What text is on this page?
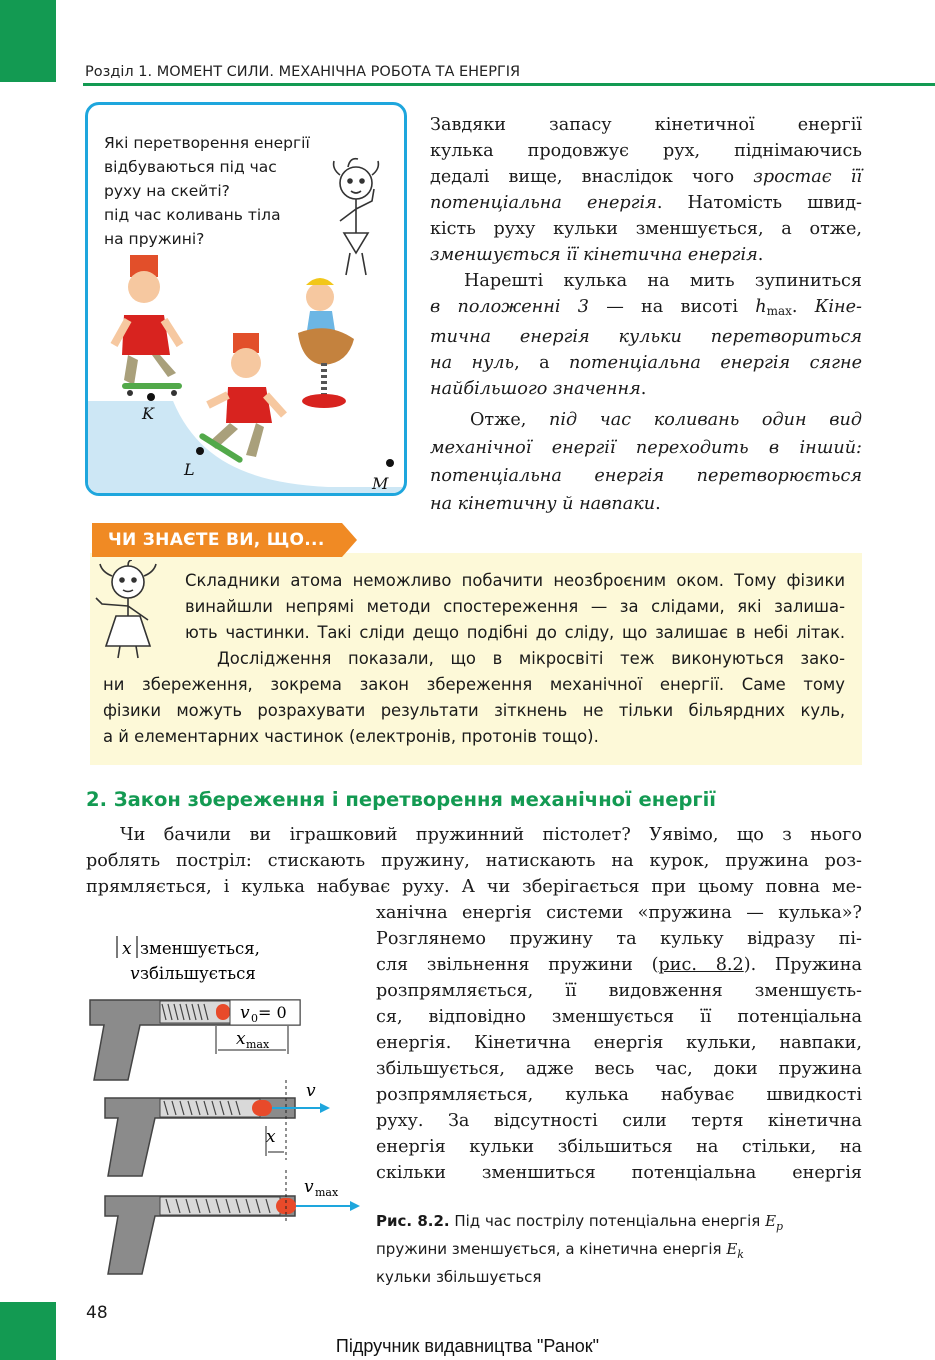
Розділ 1. МОМЕНТ СИЛИ. МЕХАНІЧНА РОБОТА ТА ЕНЕРГІЯ
K
L
M
Які перетворення енергії
відбуваються під час
руху на скейті?
під час коливань тіла
на пружині?

Завдяки запасу кінетичної енергії
кулька продовжує рух, піднімаючись
дедалі вище, внаслідок чого зростає її
потенціальна енергія. Натомість швид-
кість руху кульки зменшується, а отже,
зменшується її кінетична енергія.

Нарешті кулька на мить зупиниться
в положенні 3 — на висоті $h_{max}$. Кіне-
тична енергія кульки перетвориться
на нуль, а потенціальна енергія сягне
найбільшого значення.

Отже, під час коливань один вид
механічної енергії переходить в інший:
потенціальна енергія перетворюється
на кінетичну й навпаки.

ЧИ ЗНАЄТЕ ВИ, ЩО...
Складники атома неможливо побачити неозброєним оком. Тому фізики
винайшли непрямі методи спостереження — за слідами, які залиша-
ють частинки. Такі сліди дещо подібні до сліду, що залишає в небі літак.
Дослідження показали, що в мікросвіті теж виконуються зако-
ни збереження, зокрема закон збереження механічної енергії. Саме тому
фізики можуть розрахувати результати зіткнень не тільки більярдних куль,
а й елементарних частинок (електронів, протонів тощо).
2. Закон збереження і перетворення механічної енергії
Чи бачили ви іграшковий пружинний пістолет? Уявімо, що з нього
роблять постріл: стискають пружину, натискають на курок, пружина роз-
прямляється, і кулька набуває руху. А чи зберігається при цьому повна ме-
ханічна енергія системи «пружина — кулька»?
Розглянемо пружину та кульку відразу пі-
сля звільнення пружини (рис. 8.2). Пружина
розпрямляється, її видовження зменшуєть-
ся, відповідно зменшується її потенціальна
енергія. Кінетична енергія кульки, навпаки,
збільшується, адже весь час, доки пружина
розпрямляється, кулька набуває швидкості
руху. За відсутності сили тертя кінетична
енергія кульки збільшиться на стільки, на
скільки зменшиться потенціальна енергія
x зменшується,
v збільшується
v 0 = 0
x max
v
x
v max
Рис. 8.2. Під час пострілу потенціальна енергія $E_p$
пружини зменшується, а кінетична енергія $E_k$
кульки збільшується
48
Підручник видавництва "Ранок"
